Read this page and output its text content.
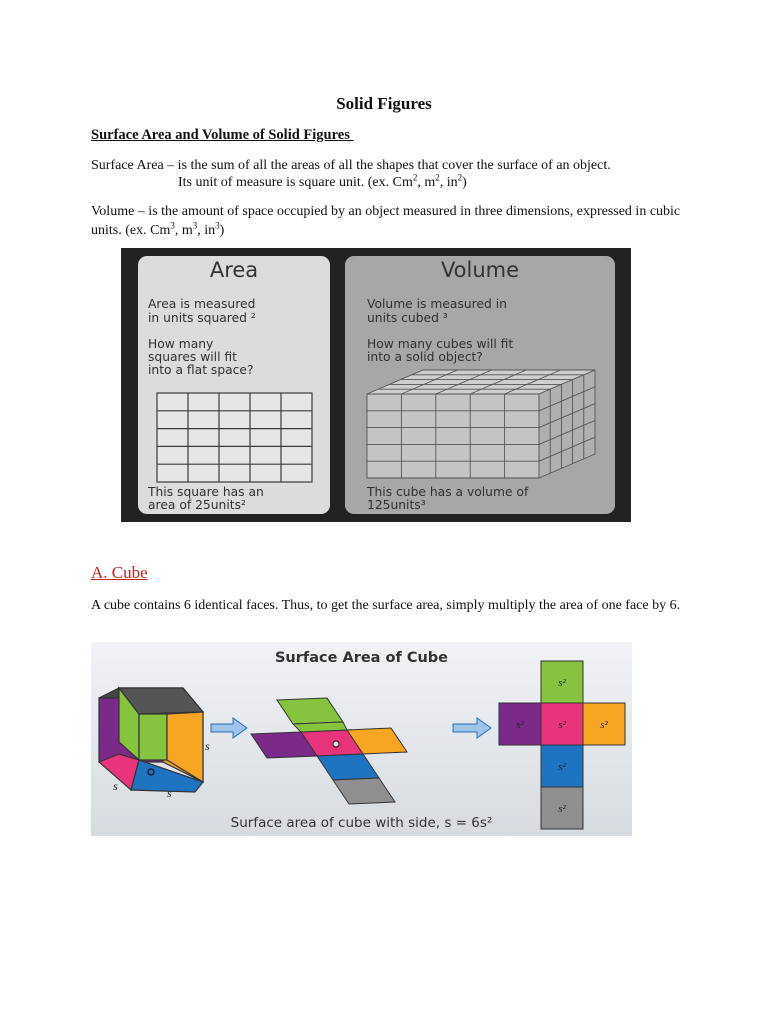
Solid Figures
Surface Area and Volume of Solid Figures
Surface Area – is the sum of all the areas of all the shapes that cover the surface of an object.
Its unit of measure is square unit. (ex. Cm$^2$, $m^2$, $in^2$)
Volume – is the amount of space occupied by an object measured in three dimensions, expressed in cubic units. (ex. Cm$^3$, $m^3$, $in^3$)
Area
Area is measured
in units squared ²
How many
squares will fit
into a flat space?
This square has an
area of 25units²
Volume
Volume is measured in
units cubed ³
How many cubes will fit
into a solid object?
This cube has a volume of
125units³
A. Cube
A cube contains 6 identical faces. Thus, to get the surface area, simply multiply the area of one face by 6.
Surface Area of Cube
s
s	s
s²
s²	s²	s²
s²
s²
Surface area of cube with side, s = 6s²
